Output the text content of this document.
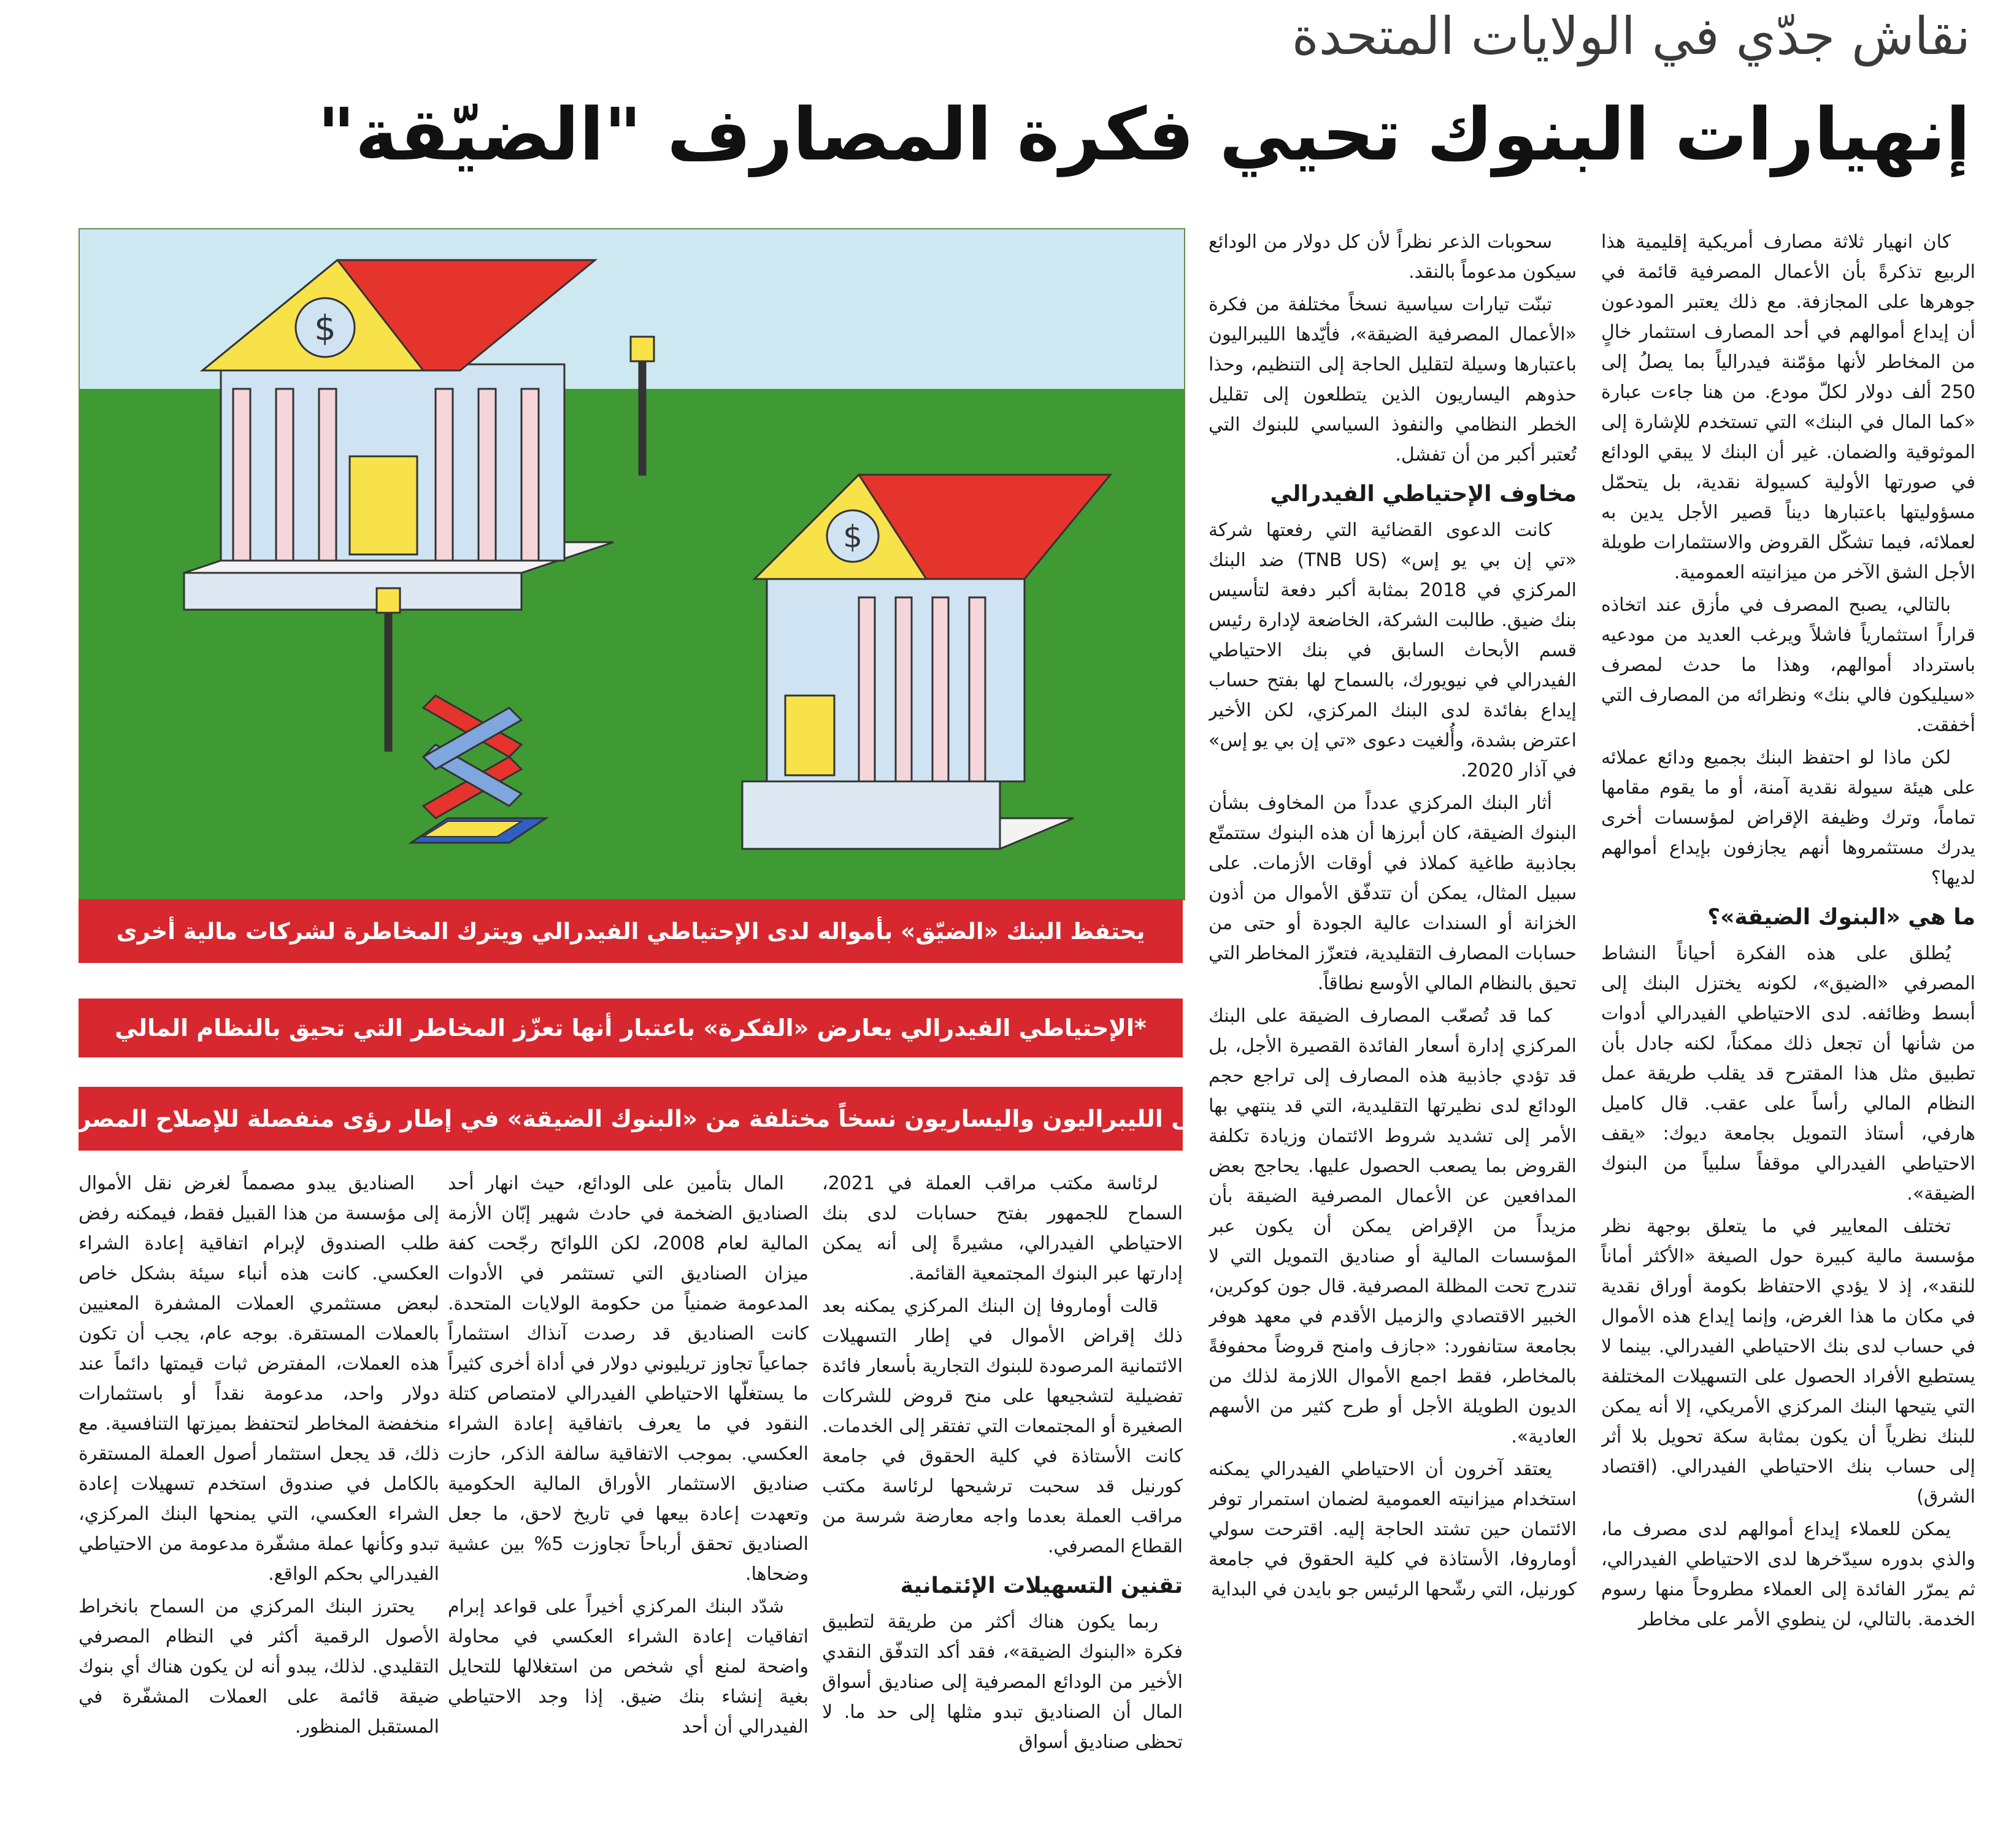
نقاش جدّي في الولايات المتحدة
إنهيارات البنوك تحيي فكرة المصارف "الضيّقة"

كان انهيار ثلاثة مصارف أمريكية إقليمية هذا الربيع تذكرةً بأن الأعمال المصرفية قائمة في جوهرها على المجازفة. مع ذلك يعتبر المودعون أن إيداع أموالهم في أحد المصارف استثمار خالٍ من المخاطر لأنها مؤمّنة فيدرالياً بما يصلُ إلى 250 ألف دولار لكلّ مودع. من هنا جاءت عبارة «كما المال في البنك» التي تستخدم للإشارة إلى الموثوقية والضمان. غير أن البنك لا يبقي الودائع في صورتها الأولية كسيولة نقدية، بل يتحمّل مسؤوليتها باعتبارها ديناً قصير الأجل يدين به لعملائه، فيما تشكّل القروض والاستثمارات طويلة الأجل الشق الآخر من ميزانيته العمومية.

بالتالي، يصبح المصرف في مأزق عند اتخاذه قراراً استثمارياً فاشلاً ويرغب العديد من مودعيه باسترداد أموالهم، وهذا ما حدث لمصرف «سيليكون فالي بنك» ونظرائه من المصارف التي أخفقت.

لكن ماذا لو احتفظ البنك بجميع ودائع عملائه على هيئة سيولة نقدية آمنة، أو ما يقوم مقامها تماماً، وترك وظيفة الإقراض لمؤسسات أخرى يدرك مستثمروها أنهم يجازفون بإيداع أموالهم لديها؟

ما هي «البنوك الضيقة»؟

يُطلق على هذه الفكرة أحياناً النشاط المصرفي «الضيق»، لكونه يختزل البنك إلى أبسط وظائفه. لدى الاحتياطي الفيدرالي أدوات من شأنها أن تجعل ذلك ممكناً، لكنه جادل بأن تطبيق مثل هذا المقترح قد يقلب طريقة عمل النظام المالي رأساً على عقب. قال كاميل هارفي، أستاذ التمويل بجامعة ديوك: «يقف الاحتياطي الفيدرالي موقفاً سلبياً من البنوك الضيقة».

تختلف المعايير في ما يتعلق بوجهة نظر مؤسسة مالية كبيرة حول الصيغة «الأكثر أماناً للنقد»، إذ لا يؤدي الاحتفاظ بكومة أوراق نقدية في مكان ما هذا الغرض، وإنما إيداع هذه الأموال في حساب لدى بنك الاحتياطي الفيدرالي. بينما لا يستطيع الأفراد الحصول على التسهيلات المختلفة التي يتيحها البنك المركزي الأمريكي، إلا أنه يمكن للبنك نظرياً أن يكون بمثابة سكة تحويل بلا أثر إلى حساب بنك الاحتياطي الفيدرالي. (اقتصاد الشرق)

يمكن للعملاء إيداع أموالهم لدى مصرف ما، والذي بدوره سيدّخرها لدى الاحتياطي الفيدرالي، ثم يمرّر الفائدة إلى العملاء مطروحاً منها رسوم الخدمة. بالتالي، لن ينطوي الأمر على مخاطر

سحوبات الذعر نظراً لأن كل دولار من الودائع سيكون مدعوماً بالنقد.

تبنّت تيارات سياسية نسخاً مختلفة من فكرة «الأعمال المصرفية الضيقة»، فأيّدها الليبراليون باعتبارها وسيلة لتقليل الحاجة إلى التنظيم، وحذا حذوهم اليساريون الذين يتطلعون إلى تقليل الخطر النظامي والنفوذ السياسي للبنوك التي تُعتبر أكبر من أن تفشل.

مخاوف الإحتياطي الفيدرالي

كانت الدعوى القضائية التي رفعتها شركة «تي إن بي يو إس» (TNB US) ضد البنك المركزي في 2018 بمثابة أكبر دفعة لتأسيس بنك ضيق. طالبت الشركة، الخاضعة لإدارة رئيس قسم الأبحاث السابق في بنك الاحتياطي الفيدرالي في نيويورك، بالسماح لها بفتح حساب إيداع بفائدة لدى البنك المركزي، لكن الأخير اعترض بشدة، وأُلغيت دعوى «تي إن بي يو إس» في آذار 2020.

أثار البنك المركزي عدداً من المخاوف بشأن البنوك الضيقة، كان أبرزها أن هذه البنوك ستتمتّع بجاذبية طاغية كملاذ في أوقات الأزمات. على سبيل المثال، يمكن أن تتدفّق الأموال من أذون الخزانة أو السندات عالية الجودة أو حتى من حسابات المصارف التقليدية، فتعزّز المخاطر التي تحيق بالنظام المالي الأوسع نطاقاً.

كما قد تُصعّب المصارف الضيقة على البنك المركزي إدارة أسعار الفائدة القصيرة الأجل، بل قد تؤدي جاذبية هذه المصارف إلى تراجع حجم الودائع لدى نظيرتها التقليدية، التي قد ينتهي بها الأمر إلى تشديد شروط الائتمان وزيادة تكلفة القروض بما يصعب الحصول عليها. يحاجج بعض المدافعين عن الأعمال المصرفية الضيقة بأن مزيداً من الإقراض يمكن أن يكون عبر المؤسسات المالية أو صناديق التمويل التي لا تندرج تحت المظلة المصرفية. قال جون كوكرين، الخبير الاقتصادي والزميل الأقدم في معهد هوفر بجامعة ستانفورد: «جازف وامنح قروضاً محفوفةً بالمخاطر، فقط اجمع الأموال اللازمة لذلك من الديون الطويلة الأجل أو طرح كثير من الأسهم العادية».

يعتقد آخرون أن الاحتياطي الفيدرالي يمكنه استخدام ميزانيته العمومية لضمان استمرار توفر الائتمان حين تشتد الحاجة إليه. اقترحت سولي أوماروفا، الأستاذة في كلية الحقوق في جامعة كورنيل، التي رشّحها الرئيس جو بايدن في البداية

$
$
يحتفظ البنك «الضيّق» بأمواله لدى الإحتياطي الفيدرالي ويترك المخاطرة لشركات مالية أخرى
*الإحتياطي الفيدرالي يعارض «الفكرة» باعتبار أنها تعزّز المخاطر التي تحيق بالنظام المالي
تبنّى الليبراليون واليساريون نسخاً مختلفة من «البنوك الضيقة» في إطار رؤى منفصلة للإصلاح المصرفي

لرئاسة مكتب مراقب العملة في 2021، السماح للجمهور بفتح حسابات لدى بنك الاحتياطي الفيدرالي، مشيرةً إلى أنه يمكن إدارتها عبر البنوك المجتمعية القائمة.

قالت أوماروفا إن البنك المركزي يمكنه بعد ذلك إقراض الأموال في إطار التسهيلات الائتمانية المرصودة للبنوك التجارية بأسعار فائدة تفضيلية لتشجيعها على منح قروض للشركات الصغيرة أو المجتمعات التي تفتقر إلى الخدمات. كانت الأستاذة في كلية الحقوق في جامعة كورنيل قد سحبت ترشيحها لرئاسة مكتب مراقب العملة بعدما واجه معارضة شرسة من القطاع المصرفي.

تقنين التسهيلات الإئتمانية

ربما يكون هناك أكثر من طريقة لتطبيق فكرة «البنوك الضيقة»، فقد أكد التدفّق النقدي الأخير من الودائع المصرفية إلى صناديق أسواق المال أن الصناديق تبدو مثلها إلى حد ما. لا تحظى صناديق أسواق

المال بتأمين على الودائع، حيث انهار أحد الصناديق الضخمة في حادث شهير إبّان الأزمة المالية لعام 2008، لكن اللوائح رجّحت كفة ميزان الصناديق التي تستثمر في الأدوات المدعومة ضمنياً من حكومة الولايات المتحدة. كانت الصناديق قد رصدت آنذاك استثماراً جماعياً تجاوز تريليوني دولار في أداة أخرى كثيراً ما يستغلّها الاحتياطي الفيدرالي لامتصاص كتلة النقود في ما يعرف باتفاقية إعادة الشراء العكسي. بموجب الاتفاقية سالفة الذكر، حازت صناديق الاستثمار الأوراق المالية الحكومية وتعهدت إعادة بيعها في تاريخ لاحق، ما جعل الصناديق تحقق أرباحاً تجاوزت 5% بين عشية وضحاها.

شدّد البنك المركزي أخيراً على قواعد إبرام اتفاقيات إعادة الشراء العكسي في محاولة واضحة لمنع أي شخص من استغلالها للتحايل بغية إنشاء بنك ضيق. إذا وجد الاحتياطي الفيدرالي أن أحد

الصناديق يبدو مصمماً لغرض نقل الأموال إلى مؤسسة من هذا القبيل فقط، فيمكنه رفض طلب الصندوق لإبرام اتفاقية إعادة الشراء العكسي. كانت هذه أنباء سيئة بشكل خاص لبعض مستثمري العملات المشفرة المعنيين بالعملات المستقرة. بوجه عام، يجب أن تكون هذه العملات، المفترض ثبات قيمتها دائماً عند دولار واحد، مدعومة نقداً أو باستثمارات منخفضة المخاطر لتحتفظ بميزتها التنافسية. مع ذلك، قد يجعل استثمار أصول العملة المستقرة بالكامل في صندوق استخدم تسهيلات إعادة الشراء العكسي، التي يمنحها البنك المركزي، تبدو وكأنها عملة مشفّرة مدعومة من الاحتياطي الفيدرالي بحكم الواقع.

يحترز البنك المركزي من السماح بانخراط الأصول الرقمية أكثر في النظام المصرفي التقليدي. لذلك، يبدو أنه لن يكون هناك أي بنوك ضيقة قائمة على العملات المشفّرة في المستقبل المنظور.
